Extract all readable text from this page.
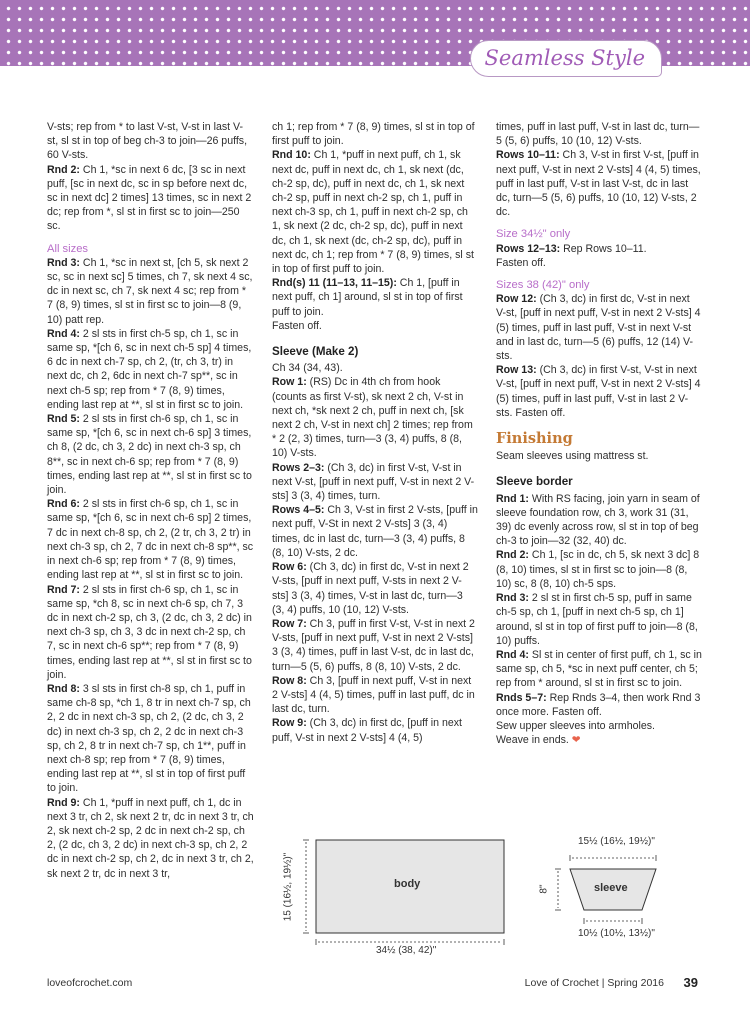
Seamless Style

V-sts; rep from * to last V-st, V-st in last V-st, sl st in top of beg ch-3 to join—26 puffs, 60 V-sts.

Rnd 2: Ch 1, *sc in next 6 dc, [3 sc in next puff, [sc in next dc, sc in sp before next dc, sc in next dc] 2 times] 13 times, sc in next 2 dc; rep from *, sl st in first sc to join—250 sc.

All sizes

Rnd 3: Ch 1, *sc in next st, [ch 5, sk next 2 sc, sc in next sc] 5 times, ch 7, sk next 4 sc, dc in next sc, ch 7, sk next 4 sc; rep from * 7 (8, 9) times, sl st in first sc to join—8 (9, 10) patt rep.

Rnd 4: 2 sl sts in first ch-5 sp, ch 1, sc in same sp, *[ch 6, sc in next ch-5 sp] 4 times, 6 dc in next ch-7 sp, ch 2, (tr, ch 3, tr) in next dc, ch 2, 6dc in next ch-7 sp**, sc in next ch-5 sp; rep from * 7 (8, 9) times, ending last rep at **, sl st in first sc to join.

Rnd 5: 2 sl sts in first ch-6 sp, ch 1, sc in same sp, *[ch 6, sc in next ch-6 sp] 3 times, ch 8, (2 dc, ch 3, 2 dc) in next ch-3 sp, ch 8**, sc in next ch-6 sp; rep from * 7 (8, 9) times, ending last rep at **, sl st in first sc to join.

Rnd 6: 2 sl sts in first ch-6 sp, ch 1, sc in same sp, *[ch 6, sc in next ch-6 sp] 2 times, 7 dc in next ch-8 sp, ch 2, (2 tr, ch 3, 2 tr) in next ch-3 sp, ch 2, 7 dc in next ch-8 sp**, sc in next ch-6 sp; rep from * 7 (8, 9) times, ending last rep at **, sl st in first sc to join.

Rnd 7: 2 sl sts in first ch-6 sp, ch 1, sc in same sp, *ch 8, sc in next ch-6 sp, ch 7, 3 dc in next ch-2 sp, ch 3, (2 dc, ch 3, 2 dc) in next ch-3 sp, ch 3, 3 dc in next ch-2 sp, ch 7, sc in next ch-6 sp**; rep from * 7 (8, 9) times, ending last rep at **, sl st in first sc to join.

Rnd 8: 3 sl sts in first ch-8 sp, ch 1, puff in same ch-8 sp, *ch 1, 8 tr in next ch-7 sp, ch 2, 2 dc in next ch-3 sp, ch 2, (2 dc, ch 3, 2 dc) in next ch-3 sp, ch 2, 2 dc in next ch-3 sp, ch 2, 8 tr in next ch-7 sp, ch 1**, puff in next ch-8 sp; rep from * 7 (8, 9) times, ending last rep at **, sl st in top of first puff to join.

Rnd 9: Ch 1, *puff in next puff, ch 1, dc in next 3 tr, ch 2, sk next 2 tr, dc in next 3 tr, ch 2, sk next ch-2 sp, 2 dc in next ch-2 sp, ch 2, (2 dc, ch 3, 2 dc) in next ch-3 sp, ch 2, 2 dc in next ch-2 sp, ch 2, dc in next 3 tr, ch 2, sk next 2 tr, dc in next 3 tr,

ch 1; rep from * 7 (8, 9) times, sl st in top of first puff to join.

Rnd 10: Ch 1, *puff in next puff, ch 1, sk next dc, puff in next dc, ch 1, sk next (dc, ch-2 sp, dc), puff in next dc, ch 1, sk next ch-2 sp, puff in next ch-2 sp, ch 1, puff in next ch-3 sp, ch 1, puff in next ch-2 sp, ch 1, sk next (2 dc, ch-2 sp, dc), puff in next dc, ch 1, sk next (dc, ch-2 sp, dc), puff in next dc, ch 1; rep from * 7 (8, 9) times, sl st in top of first puff to join.

Rnd(s) 11 (11–13, 11–15): Ch 1, [puff in next puff, ch 1] around, sl st in top of first puff to join.

Fasten off.

Sleeve (Make 2)

Ch 34 (34, 43).

Row 1: (RS) Dc in 4th ch from hook (counts as first V-st), sk next 2 ch, V-st in next ch, *sk next 2 ch, puff in next ch, [sk next 2 ch, V-st in next ch] 2 times; rep from * 2 (2, 3) times, turn—3 (3, 4) puffs, 8 (8, 10) V-sts.

Rows 2–3: (Ch 3, dc) in first V-st, V-st in next V-st, [puff in next puff, V-st in next 2 V-sts] 3 (3, 4) times, turn.

Rows 4–5: Ch 3, V-st in first 2 V-sts, [puff in next puff, V-St in next 2 V-sts] 3 (3, 4) times, dc in last dc, turn—3 (3, 4) puffs, 8 (8, 10) V-sts, 2 dc.

Row 6: (Ch 3, dc) in first dc, V-st in next 2 V-sts, [puff in next puff, V-sts in next 2 V-sts] 3 (3, 4) times, V-st in last dc, turn—3 (3, 4) puffs, 10 (10, 12) V-sts.

Row 7: Ch 3, puff in first V-st, V-st in next 2 V-sts, [puff in next puff, V-st in next 2 V-sts] 3 (3, 4) times, puff in last V-st, dc in last dc, turn—5 (5, 6) puffs, 8 (8, 10) V-sts, 2 dc.

Row 8: Ch 3, [puff in next puff, V-st in next 2 V-sts] 4 (4, 5) times, puff in last puff, dc in last dc, turn.

Row 9: (Ch 3, dc) in first dc, [puff in next puff, V-st in next 2 V-sts] 4 (4, 5)

times, puff in last puff, V-st in last dc, turn—5 (5, 6) puffs, 10 (10, 12) V-sts.

Rows 10–11: Ch 3, V-st in first V-st, [puff in next puff, V-st in next 2 V-sts] 4 (4, 5) times, puff in last puff, V-st in last V-st, dc in last dc, turn—5 (5, 6) puffs, 10 (10, 12) V-sts, 2 dc.

Size 34½" only

Rows 12–13: Rep Rows 10–11.

Fasten off.

Sizes 38 (42)" only

Row 12: (Ch 3, dc) in first dc, V-st in next V-st, [puff in next puff, V-st in next 2 V-sts] 4 (5) times, puff in last puff, V-st in next V-st and in last dc, turn—5 (6) puffs, 12 (14) V-sts.

Row 13: (Ch 3, dc) in first V-st, V-st in next V-st, [puff in next puff, V-st in next 2 V-sts] 4 (5) times, puff in last puff, V-st in last 2 V-sts. Fasten off.

Finishing

Seam sleeves using mattress st.

Sleeve border

Rnd 1: With RS facing, join yarn in seam of sleeve foundation row, ch 3, work 31 (31, 39) dc evenly across row, sl st in top of beg ch-3 to join—32 (32, 40) dc.

Rnd 2: Ch 1, [sc in dc, ch 5, sk next 3 dc] 8 (8, 10) times, sl st in first sc to join—8 (8, 10) sc, 8 (8, 10) ch-5 sps.

Rnd 3: 2 sl st in first ch-5 sp, puff in same ch-5 sp, ch 1, [puff in next ch-5 sp, ch 1] around, sl st in top of first puff to join—8 (8, 10) puffs.

Rnd 4: Sl st in center of first puff, ch 1, sc in same sp, ch 5, *sc in next puff center, ch 5; rep from * around, sl st in first sc to join.

Rnds 5–7: Rep Rnds 3–4, then work Rnd 3 once more. Fasten off.

Sew upper sleeves into armholes.

Weave in ends. ❤

body
15 (16½, 19½)"
34½ (38, 42)"
sleeve
15½ (16½, 19½)"
8"
10½ (10½, 13½)"
loveofcrochet.com	Love of Crochet | Spring 2016 39
